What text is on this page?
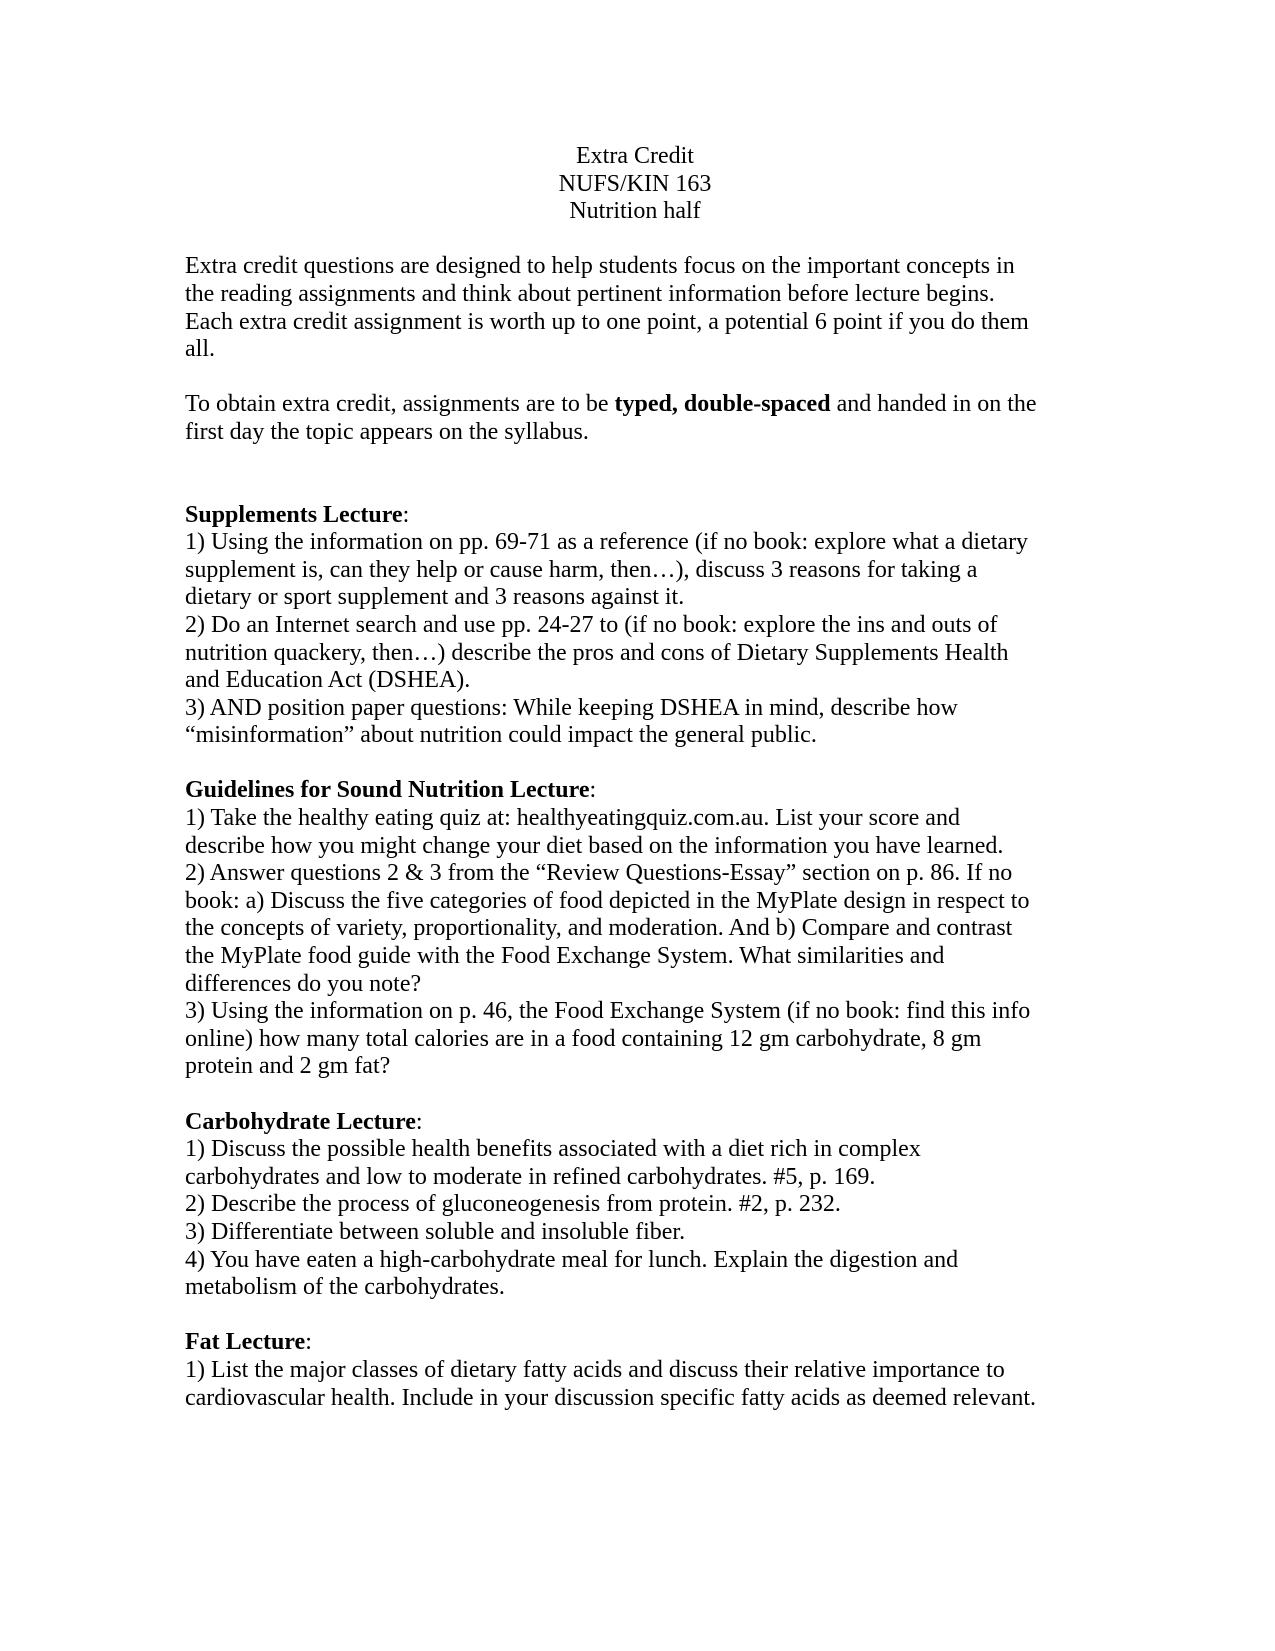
Extra Credit
NUFS/KIN 163
Nutrition half
Extra credit questions are designed to help students focus on the important concepts in
the reading assignments and think about pertinent information before lecture begins.
Each extra credit assignment is worth up to one point, a potential 6 point if you do them
all.
To obtain extra credit, assignments are to be typed, double-spaced and handed in on the
first day the topic appears on the syllabus.
Supplements Lecture:
1) Using the information on pp. 69-71 as a reference (if no book: explore what a dietary
supplement is, can they help or cause harm, then…), discuss 3 reasons for taking a
dietary or sport supplement and 3 reasons against it.
2) Do an Internet search and use pp. 24-27 to (if no book: explore the ins and outs of
nutrition quackery, then…) describe the pros and cons of Dietary Supplements Health
and Education Act (DSHEA).
3) AND position paper questions: While keeping DSHEA in mind, describe how
“misinformation” about nutrition could impact the general public.
Guidelines for Sound Nutrition Lecture:
1) Take the healthy eating quiz at: healthyeatingquiz.com.au. List your score and
describe how you might change your diet based on the information you have learned.
2) Answer questions 2 & 3 from the “Review Questions-Essay” section on p. 86. If no
book: a) Discuss the five categories of food depicted in the MyPlate design in respect to
the concepts of variety, proportionality, and moderation. And b) Compare and contrast
the MyPlate food guide with the Food Exchange System. What similarities and
differences do you note?
3) Using the information on p. 46, the Food Exchange System (if no book: find this info
online) how many total calories are in a food containing 12 gm carbohydrate, 8 gm
protein and 2 gm fat?
Carbohydrate Lecture:
1) Discuss the possible health benefits associated with a diet rich in complex
carbohydrates and low to moderate in refined carbohydrates. #5, p. 169.
2) Describe the process of gluconeogenesis from protein. #2, p. 232.
3) Differentiate between soluble and insoluble fiber.
4) You have eaten a high-carbohydrate meal for lunch. Explain the digestion and
metabolism of the carbohydrates.
Fat Lecture:
1) List the major classes of dietary fatty acids and discuss their relative importance to
cardiovascular health. Include in your discussion specific fatty acids as deemed relevant.
